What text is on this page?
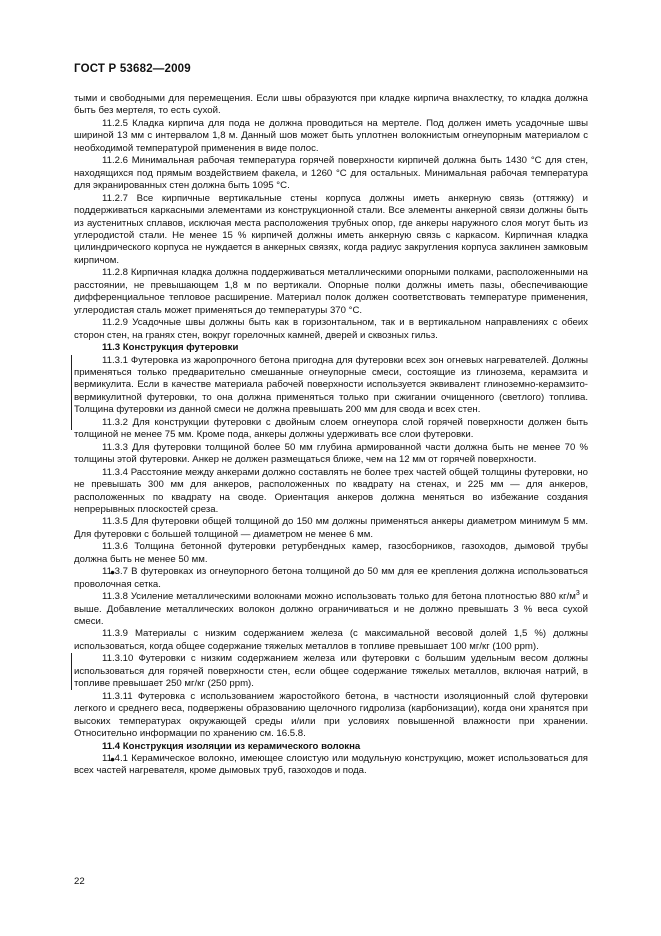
ГОСТ Р 53682—2009

тыми и свободными для перемещения. Если швы образуются при кладке кирпича внахлестку, то кладка должна быть без мертеля, то есть сухой.

11.2.5 Кладка кирпича для пода не должна проводиться на мертеле. Под должен иметь усадочные швы шириной 13 мм с интервалом 1,8 м. Данный шов может быть уплотнен волокнистым огнеупорным материалом с необходимой температурой применения в виде полос.

11.2.6 Минимальная рабочая температура горячей поверхности кирпичей должна быть 1430 °С для стен, находящихся под прямым воздействием факела, и 1260 °С для остальных. Минимальная рабочая температура для экранированных стен должна быть 1095 °С.

11.2.7 Все кирпичные вертикальные стены корпуса должны иметь анкерную связь (оттяжку) и поддерживаться каркасными элементами из конструкционной стали. Все элементы анкерной связи должны быть из аустенитных сплавов, исключая места расположения трубных опор, где анкеры наружного слоя могут быть из углеродистой стали. Не менее 15 % кирпичей должны иметь анкерную связь с каркасом. Кирпичная кладка цилиндрического корпуса не нуждается в анкерных связях, когда радиус закругления корпуса заклинен замковым кирпичом.

11.2.8 Кирпичная кладка должна поддерживаться металлическими опорными полками, расположенными на расстоянии, не превышающем 1,8 м по вертикали. Опорные полки должны иметь пазы, обеспечивающие дифференциальное тепловое расширение. Материал полок должен соответствовать температуре применения, углеродистая сталь может применяться до температуры 370 °С.

11.2.9 Усадочные швы должны быть как в горизонтальном, так и в вертикальном направлениях с обеих сторон стен, на гранях стен, вокруг горелочных камней, дверей и сквозных гильз.

11.3 Конструкция футеровки

11.3.1 Футеровка из жаропрочного бетона пригодна для футеровки всех зон огневых нагревателей. Должны применяться только предварительно смешанные огнеупорные смеси, состоящие из глинозема, керамзита и вермикулита. Если в качестве материала рабочей поверхности используется эквивалент глиноземно-керамзито-вермикулитной футеровки, то она должна применяться только при сжигании очищенного (светлого) топлива. Толщина футеровки из данной смеси не должна превышать 200 мм для свода и всех стен.

11.3.2 Для конструкции футеровки с двойным слоем огнеупора слой горячей поверхности должен быть толщиной не менее 75 мм. Кроме пода, анкеры должны удерживать все слои футеровки.

11.3.3 Для футеровки толщиной более 50 мм глубина армированной части должна быть не менее 70 % толщины этой футеровки. Анкер не должен размещаться ближе, чем на 12 мм от горячей поверхности.

11.3.4 Расстояние между анкерами должно составлять не более трех частей общей толщины футеровки, но не превышать 300 мм для анкеров, расположенных по квадрату на стенах, и 225 мм — для анкеров, расположенных по квадрату на своде. Ориентация анкеров должна меняться во избежание создания непрерывных плоскостей среза.

11.3.5 Для футеровки общей толщиной до 150 мм должны применяться анкеры диаметром минимум 5 мм. Для футеровки с большей толщиной — диаметром не менее 6 мм.

11.3.6 Толщина бетонной футеровки ретурбендных камер, газосборников, газоходов, дымовой трубы должна быть не менее 50 мм.

● 11.3.7 В футеровках из огнеупорного бетона толщиной до 50 мм для ее крепления должна использоваться проволочная сетка.

11.3.8 Усиление металлическими волокнами можно использовать только для бетона плотностью 880 $кг/м^3$ и выше. Добавление металлических волокон должно ограничиваться и не должно превышать 3 % веса сухой смеси.

11.3.9 Материалы с низким содержанием железа (с максимальной весовой долей 1,5 %) должны использоваться, когда общее содержание тяжелых металлов в топливе превышает 100 мг/кг (100 ppm).

11.3.10 Футеровки с низким содержанием железа или футеровки с большим удельным весом должны использоваться для горячей поверхности стен, если общее содержание тяжелых металлов, включая натрий, в топливе превышает 250 мг/кг (250 ppm).

11.3.11 Футеровка с использованием жаростойкого бетона, в частности изоляционный слой футеровки легкого и среднего веса, подвержены образованию щелочного гидролиза (карбонизации), когда они хранятся при высоких температурах окружающей среды и/или при условиях повышенной влажности при хранении. Относительно информации по хранению см. 16.5.8.

11.4 Конструкция изоляции из керамического волокна

● 11.4.1 Керамическое волокно, имеющее слоистую или модульную конструкцию, может использоваться для всех частей нагревателя, кроме дымовых труб, газоходов и пода.

22
